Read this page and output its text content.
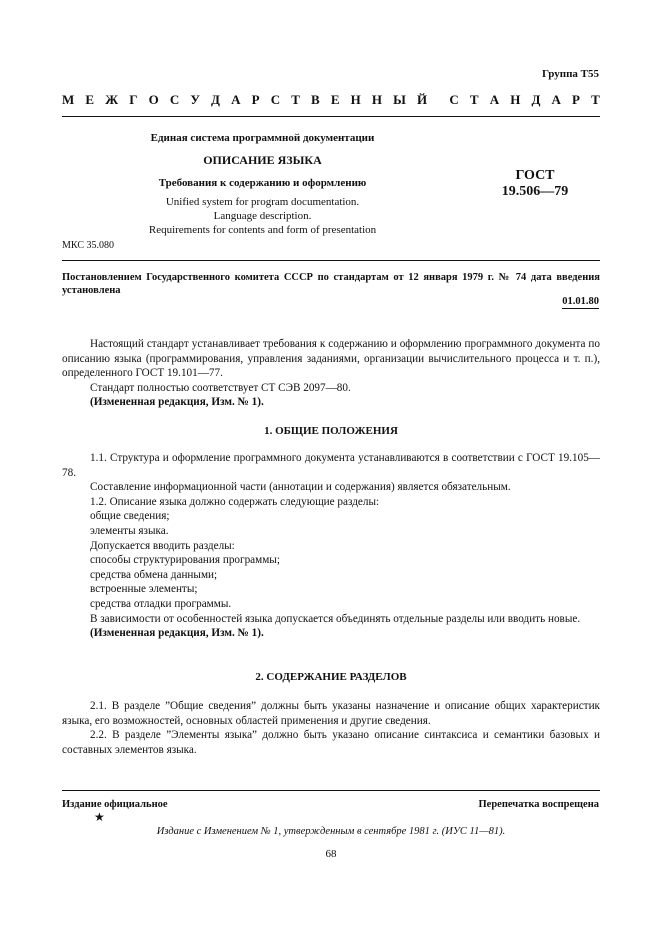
Группа Т55
М Е Ж Г О С У Д А Р С Т В Е Н Н Ы Й С Т А Н Д А Р Т
Единая система программной документации
ОПИСАНИЕ ЯЗЫКА
Требования к содержанию и оформлению
Unified system for program documentation.
Language description.
Requirements for contents and form of presentation
ГОСТ
19.506—79
МКС 35.080
Постановлением Государственного комитета СССР по стандартам от 12 января 1979 г. № 74 дата введения установлена
01.01.80

Настоящий стандарт устанавливает требования к содержанию и оформлению программного документа по описанию языка (программирования, управления заданиями, организации вычислительного процесса и т. п.), определенного ГОСТ 19.101—77.

Стандарт полностью соответствует СТ СЭВ 2097—80.

(Измененная редакция, Изм. № 1).

1. ОБЩИЕ ПОЛОЖЕНИЯ

1.1. Структура и оформление программного документа устанавливаются в соответствии с ГОСТ 19.105—78.

Составление информационной части (аннотации и содержания) является обязательным.

1.2. Описание языка должно содержать следующие разделы:

общие сведения;

элементы языка.

Допускается вводить разделы:

способы структурирования программы;

средства обмена данными;

встроенные элементы;

средства отладки программы.

В зависимости от особенностей языка допускается объединять отдельные разделы или вводить новые.

(Измененная редакция, Изм. № 1).

2. СОДЕРЖАНИЕ РАЗДЕЛОВ

2.1. В разделе ”Общие сведения” должны быть указаны назначение и описание общих характеристик языка, его возможностей, основных областей применения и другие сведения.

2.2. В разделе ”Элементы языка” должно быть указано описание синтаксиса и семантики базовых и составных элементов языка.

Издание официальное	Перепечатка воспрещена
★
Издание с Изменением № 1, утвержденным в сентябре 1981 г. (ИУС 11—81).
68
